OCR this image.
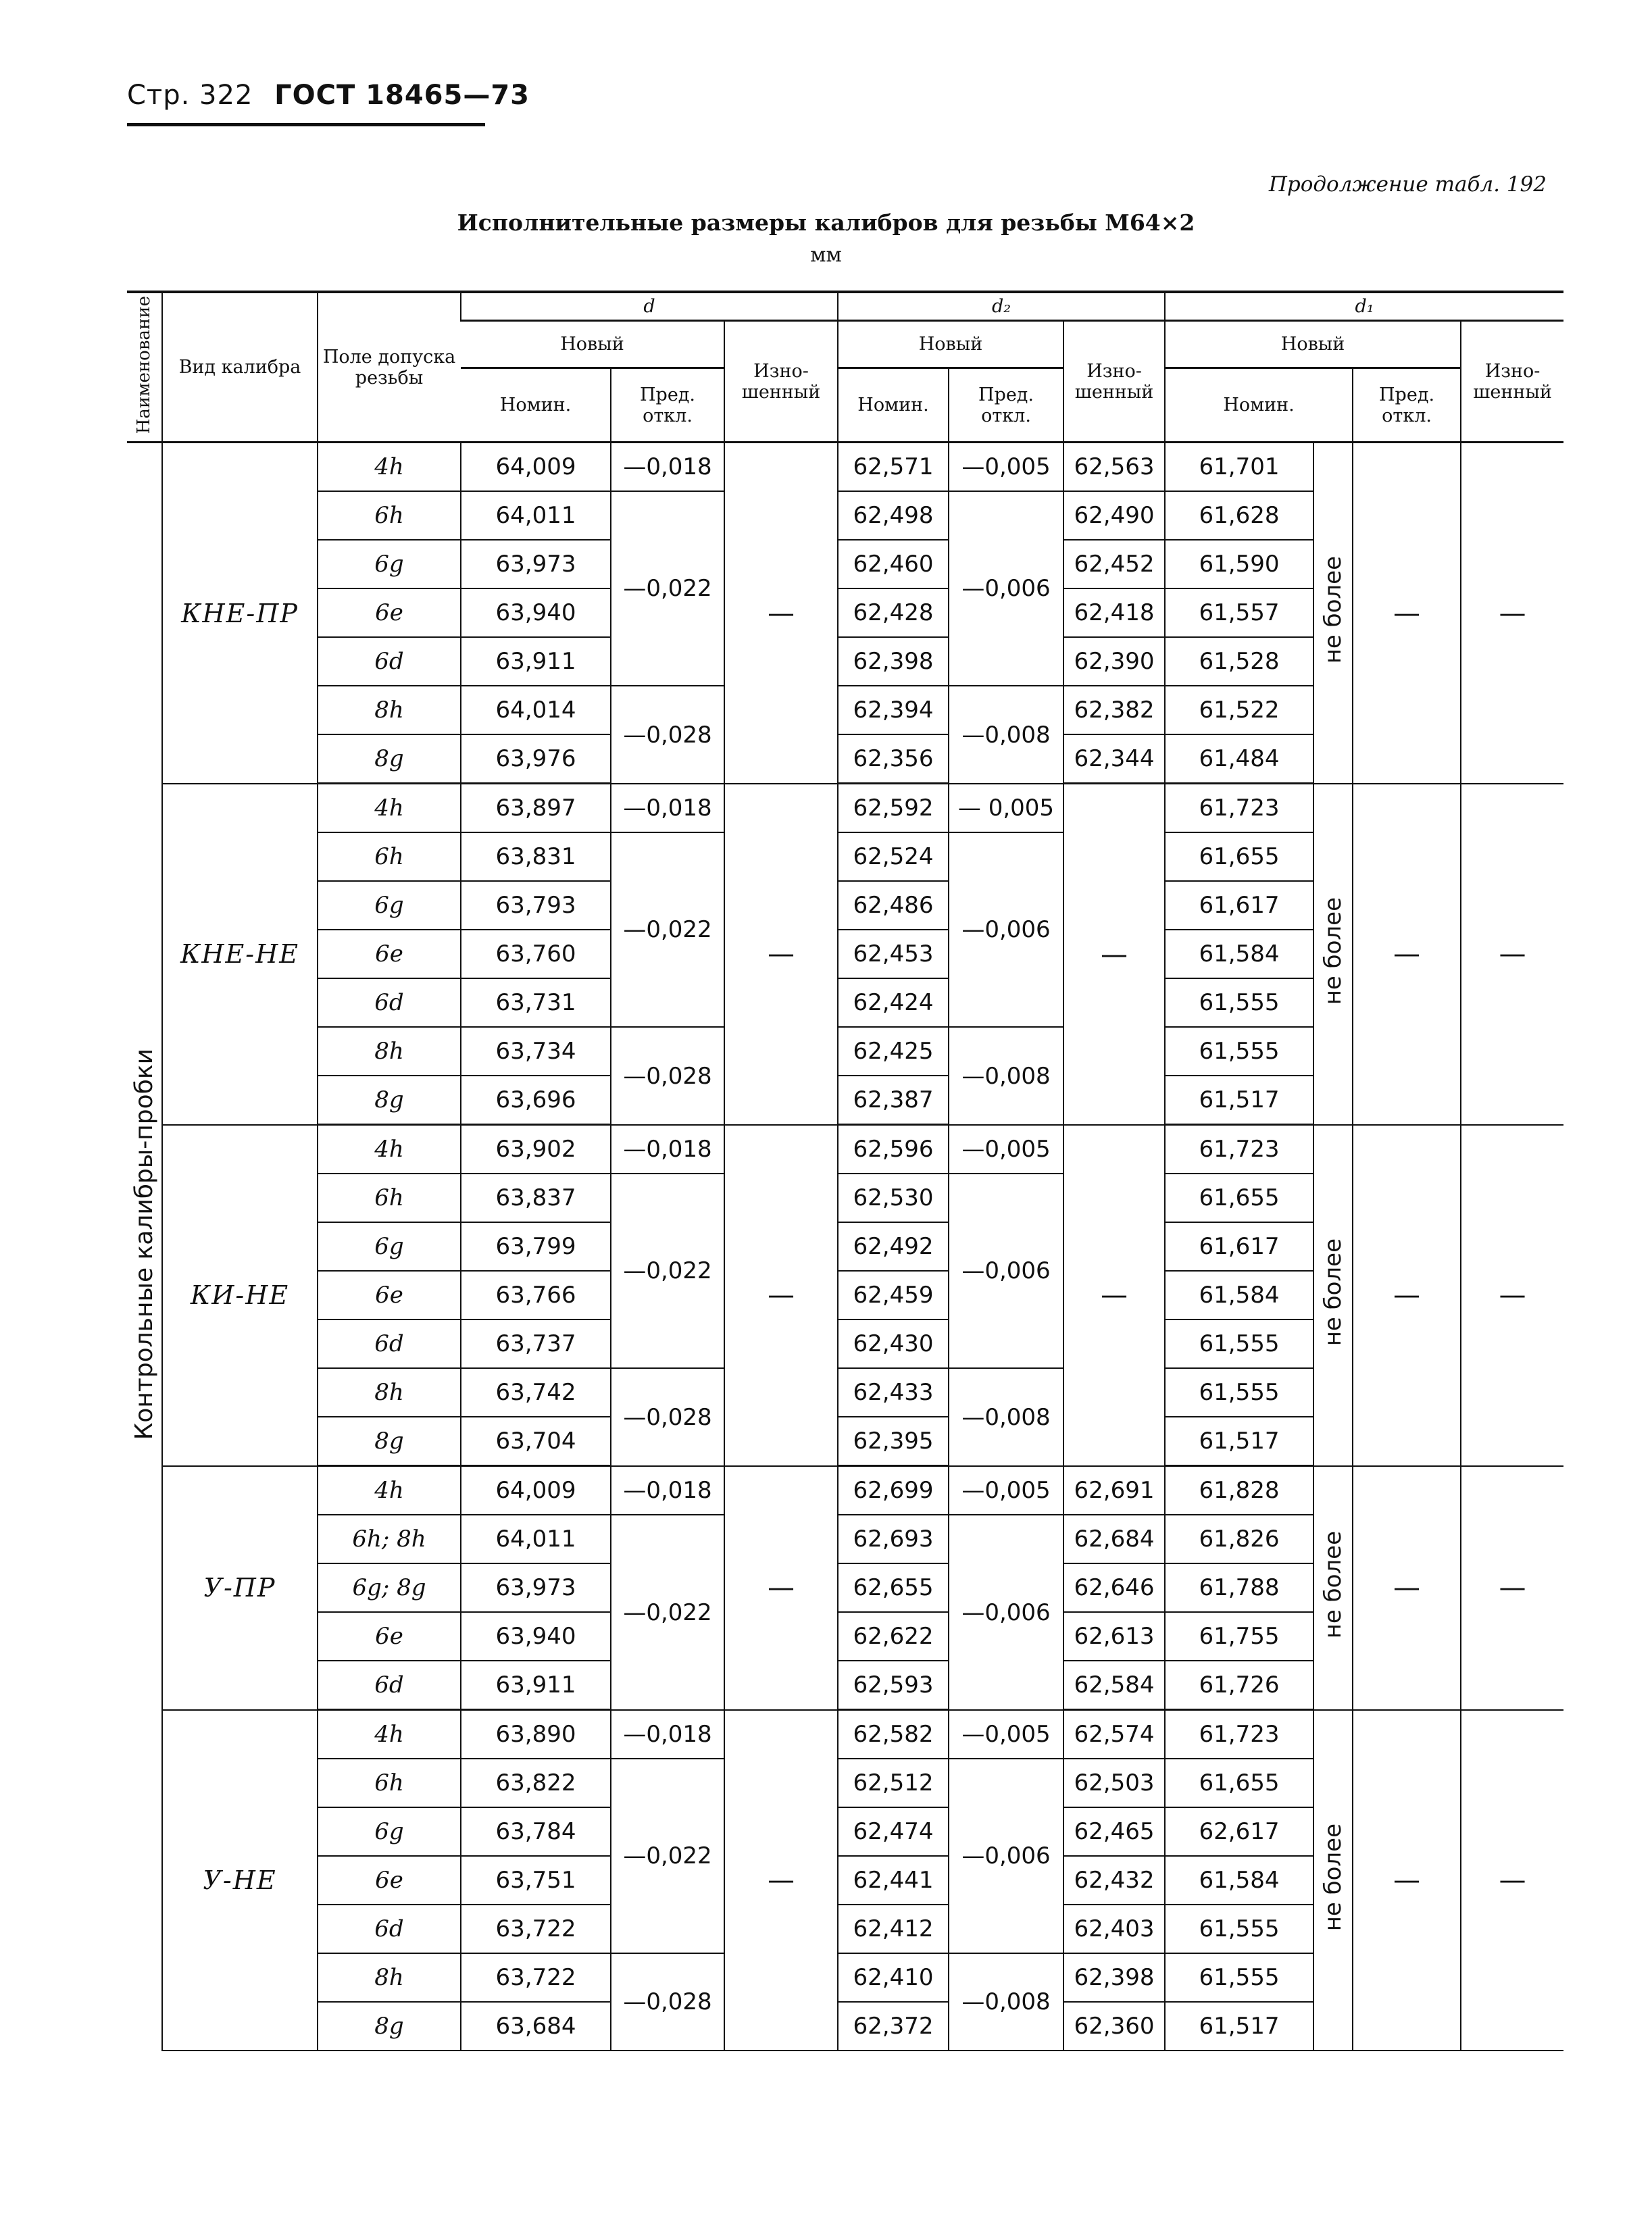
Стр. 322 ГОСТ 18465—73
Продолжение табл. 192
Исполнительные размеры калибров для резьбы М64×2
мм
Наименование	Вид калибра	Поле допуска резьбы	d			d₂			d₁			
			Новый		Изно-шенный	Новый		Изно-шенный	Новый			Изно-шенный
			Номин.	Пред. откл.		Номин.	Пред. откл.		Номин.		Пред. откл.	
Контрольные калибры-пробки	КНЕ-ПР	4h	64,009	—0,018	—	62,571	—0,005	62,563	61,701	не более	—	—
		6h	64,011	—0,022		62,498	—0,006	62,490	61,628			
		6g	63,973			62,460		62,452	61,590			
		6e	63,940			62,428		62,418	61,557			
		6d	63,911			62,398		62,390	61,528			
		8h	64,014	—0,028		62,394	—0,008	62,382	61,522			
		8g	63,976			62,356		62,344	61,484			
	КНЕ-НЕ	4h	63,897	—0,018	—	62,592	— 0,005	—	61,723	не более	—	—
		6h	63,831	—0,022		62,524	—0,006		61,655			
		6g	63,793			62,486			61,617			
		6e	63,760			62,453			61,584			
		6d	63,731			62,424			61,555			
		8h	63,734	—0,028		62,425	—0,008		61,555			
		8g	63,696			62,387			61,517			
	КИ-НЕ	4h	63,902	—0,018	—	62,596	—0,005	—	61,723	не более	—	—
		6h	63,837	—0,022		62,530	—0,006		61,655			
		6g	63,799			62,492			61,617			
		6e	63,766			62,459			61,584			
		6d	63,737			62,430			61,555			
		8h	63,742	—0,028		62,433	—0,008		61,555			
		8g	63,704			62,395			61,517			
	У-ПР	4h	64,009	—0,018	—	62,699	—0,005	62,691	61,828	не более	—	—
		6h; 8h	64,011	—0,022		62,693	—0,006	62,684	61,826			
		6g; 8g	63,973			62,655		62,646	61,788			
		6e	63,940			62,622		62,613	61,755			
		6d	63,911			62,593		62,584	61,726			
	У-НЕ	4h	63,890	—0,018	—	62,582	—0,005	62,574	61,723	не более	—	—
		6h	63,822	—0,022		62,512	—0,006	62,503	61,655			
		6g	63,784			62,474		62,465	62,617			
		6e	63,751			62,441		62,432	61,584			
		6d	63,722			62,412		62,403	61,555			
		8h	63,722	—0,028		62,410	—0,008	62,398	61,555			
		8g	63,684			62,372		62,360	61,517			
